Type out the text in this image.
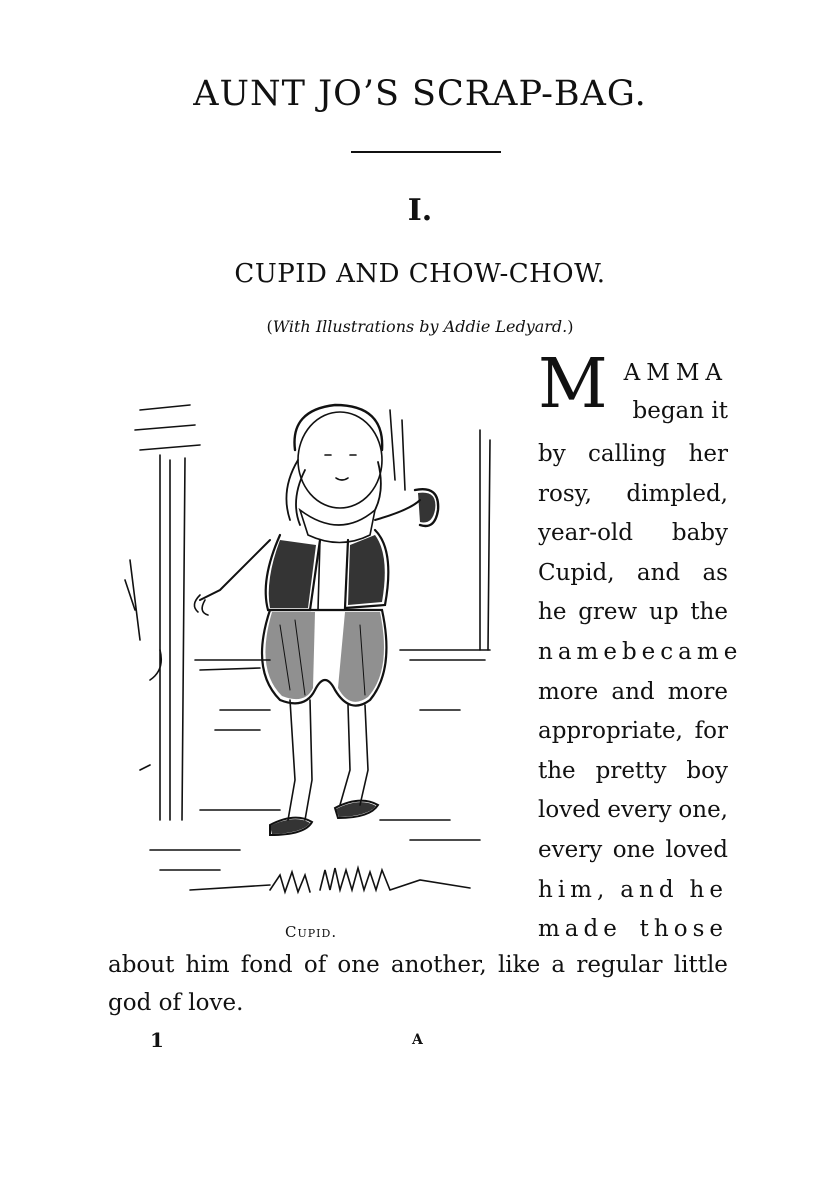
AUNT JO’S SCRAP-BAG.
I.
CUPID AND CHOW-CHOW.
(With Illustrations by Addie Ledyard.)
Cupid.
M AMMA
began it
by calling her
rosy, dimpled,
year-old baby
Cupid, and as
he grew up the
name became
more and more
appropriate, for
the pretty boy
loved every one,
every one loved
him, and he
made those
about him fond of one another, like a regular little
god of love.
1	A
